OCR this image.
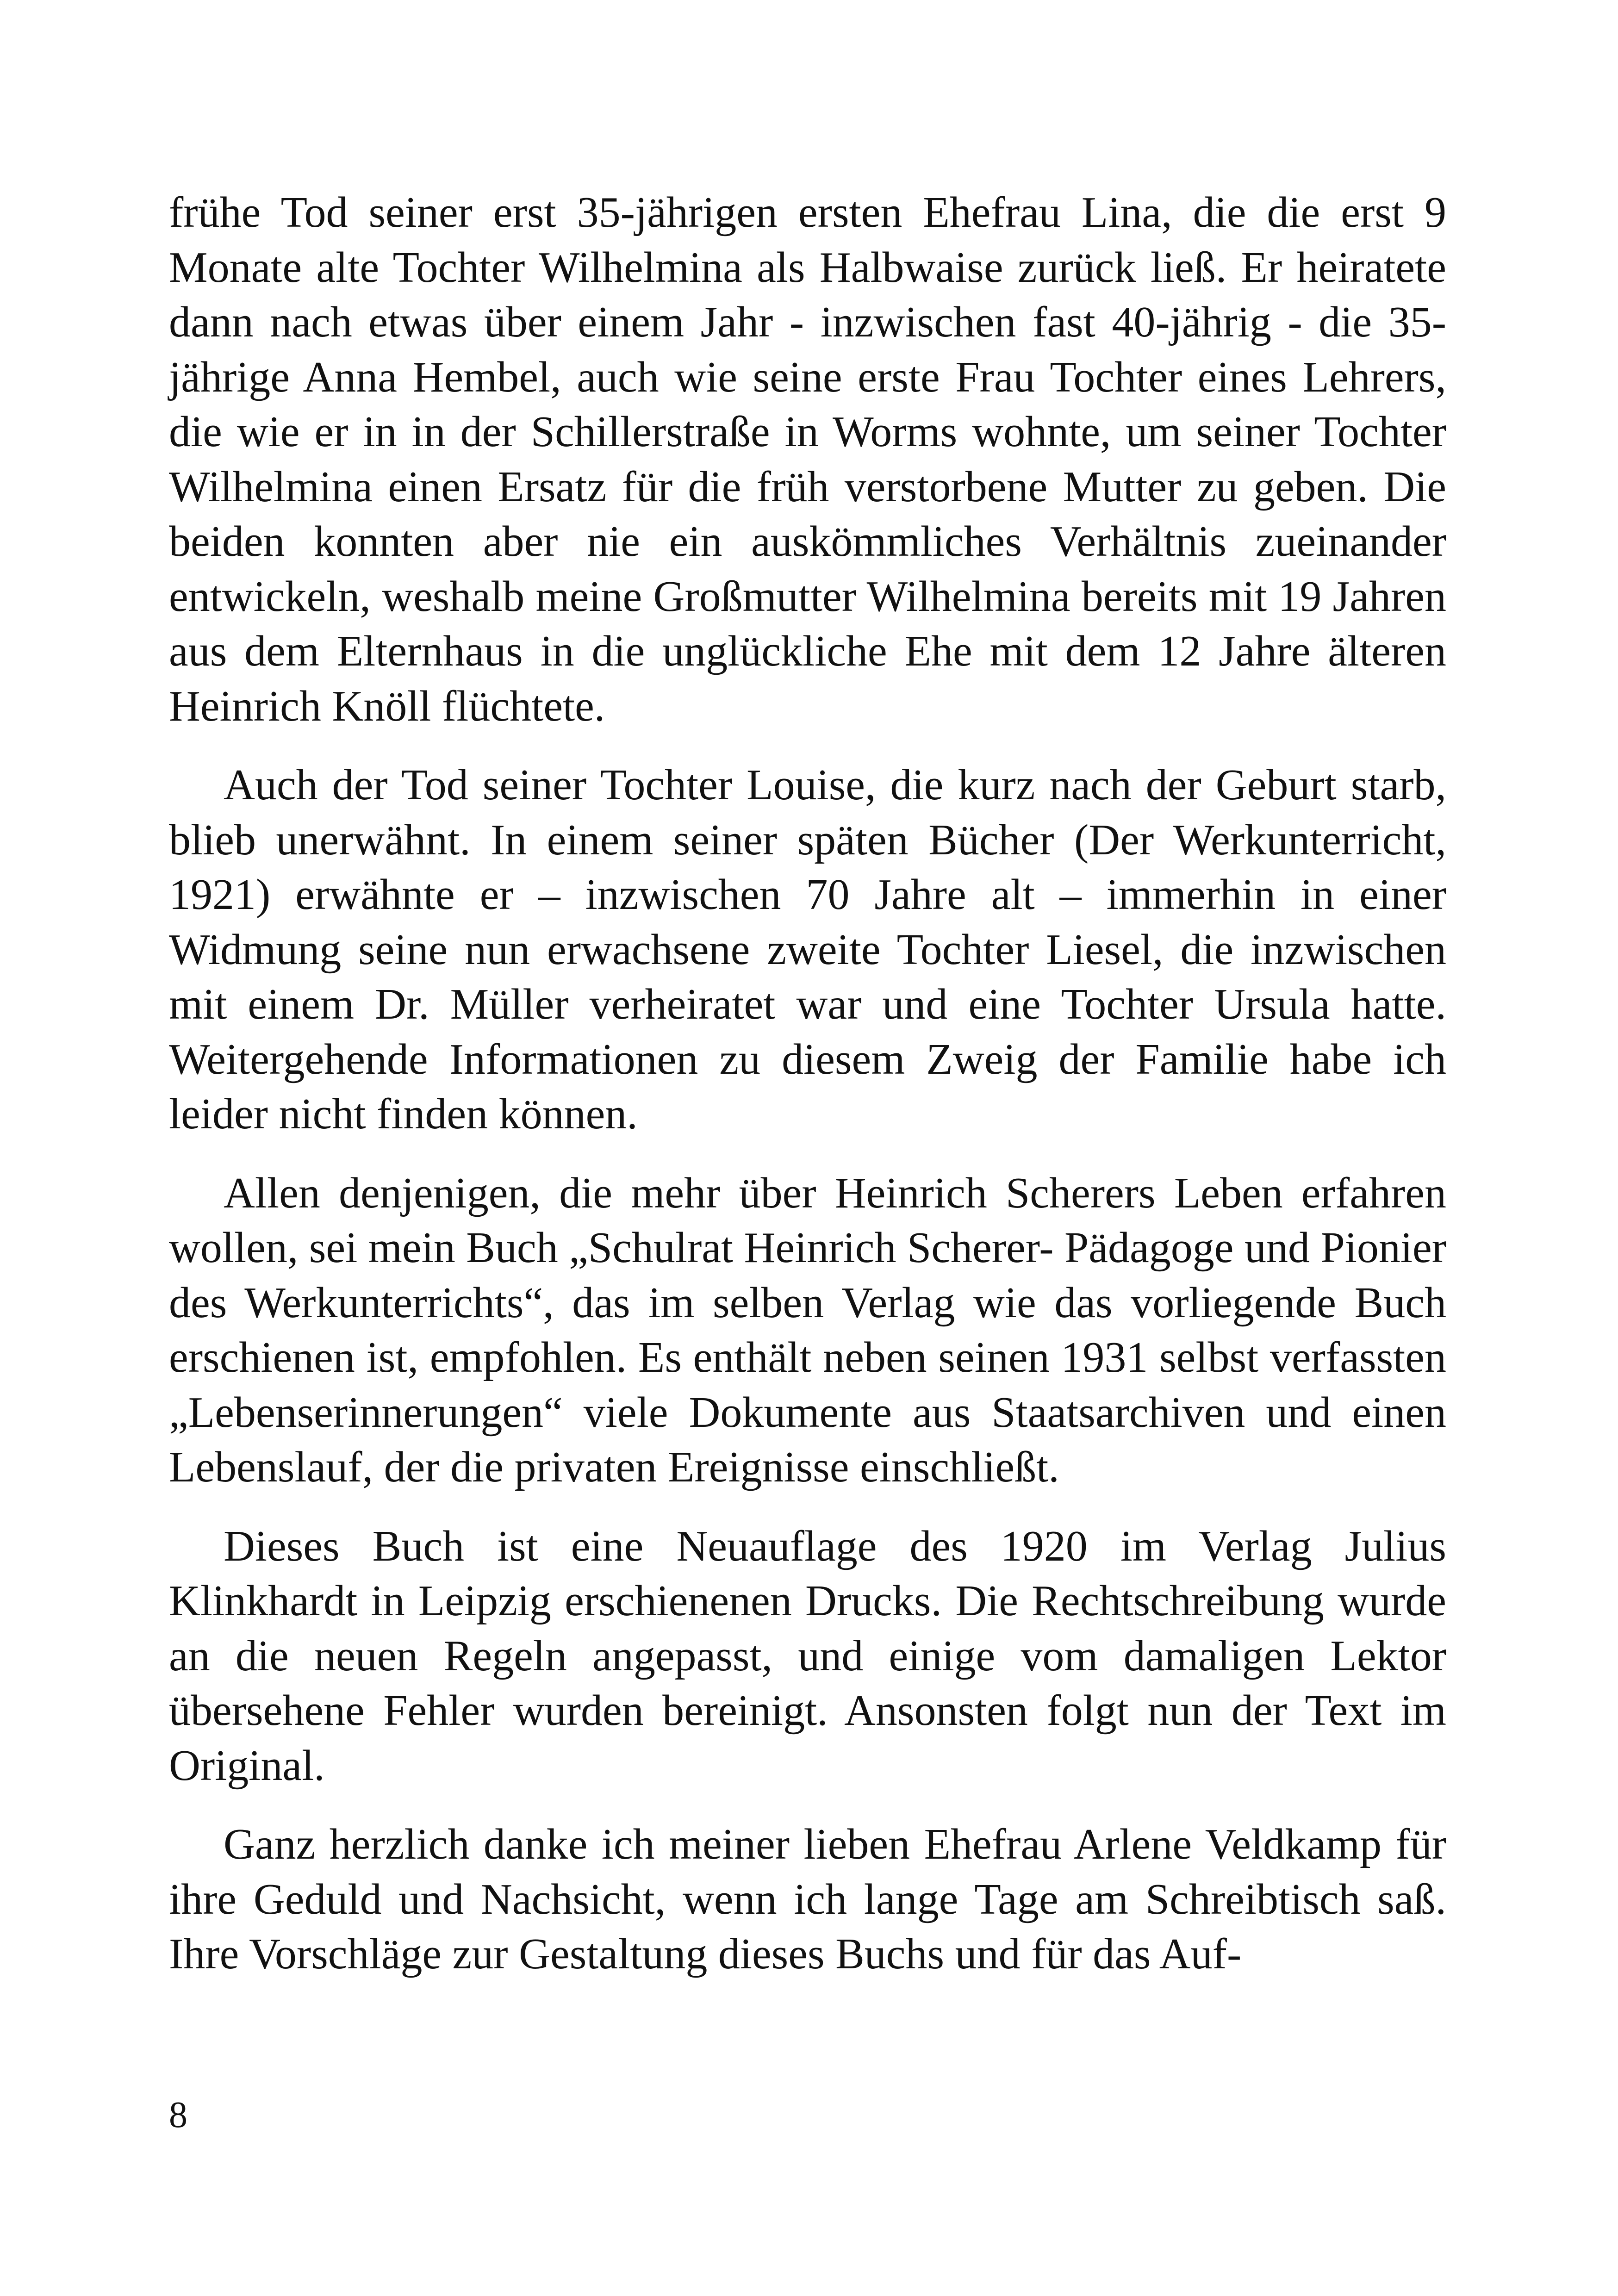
frühe Tod seiner erst 35-jährigen ersten Ehefrau Lina, die die erst 9 Monate alte Tochter Wilhelmina als Halbwaise zurück ließ. Er heiratete dann nach etwas über einem Jahr - inzwischen fast 40-jährig - die 35-jährige Anna Hembel, auch wie seine erste Frau Tochter eines Lehrers, die wie er in in der Schillerstraße in Worms wohnte, um seiner Tochter Wilhelmina einen Ersatz für die früh verstorbene Mutter zu geben. Die beiden konnten aber nie ein auskömmliches Verhältnis zueinander entwickeln, weshalb meine Großmutter Wilhelmina bereits mit 19 Jahren aus dem Elternhaus in die unglückliche Ehe mit dem 12 Jahre älteren Heinrich Knöll flüchtete.

Auch der Tod seiner Tochter Louise, die kurz nach der Geburt starb, blieb unerwähnt. In einem seiner späten Bücher (Der Werkunterricht, 1921) erwähnte er – inzwischen 70 Jahre alt – immerhin in einer Widmung seine nun erwachsene zweite Tochter Liesel, die inzwischen mit einem Dr. Müller verheiratet war und eine Tochter Ursula hatte. Weitergehende Informationen zu diesem Zweig der Familie habe ich leider nicht finden können.

Allen denjenigen, die mehr über Heinrich Scherers Leben erfahren wollen, sei mein Buch „Schulrat Heinrich Scherer- Pädagoge und Pionier des Werkunterrichts“, das im selben Verlag wie das vorliegende Buch erschienen ist, empfohlen. Es enthält neben seinen 1931 selbst verfassten „Lebenserinnerungen“ viele Dokumente aus Staatsarchiven und einen Lebenslauf, der die privaten Ereignisse einschließt.

Dieses Buch ist eine Neuauflage des 1920 im Verlag Julius Klinkhardt in Leipzig erschienenen Drucks. Die Rechtschreibung wurde an die neuen Regeln angepasst, und einige vom damaligen Lektor übersehene Fehler wurden bereinigt. Ansonsten folgt nun der Text im Original.

Ganz herzlich danke ich meiner lieben Ehefrau Arlene Veldkamp für ihre Geduld und Nachsicht, wenn ich lange Tage am Schreibtisch saß. Ihre Vorschläge zur Gestaltung dieses Buchs und für das Auf-

8
